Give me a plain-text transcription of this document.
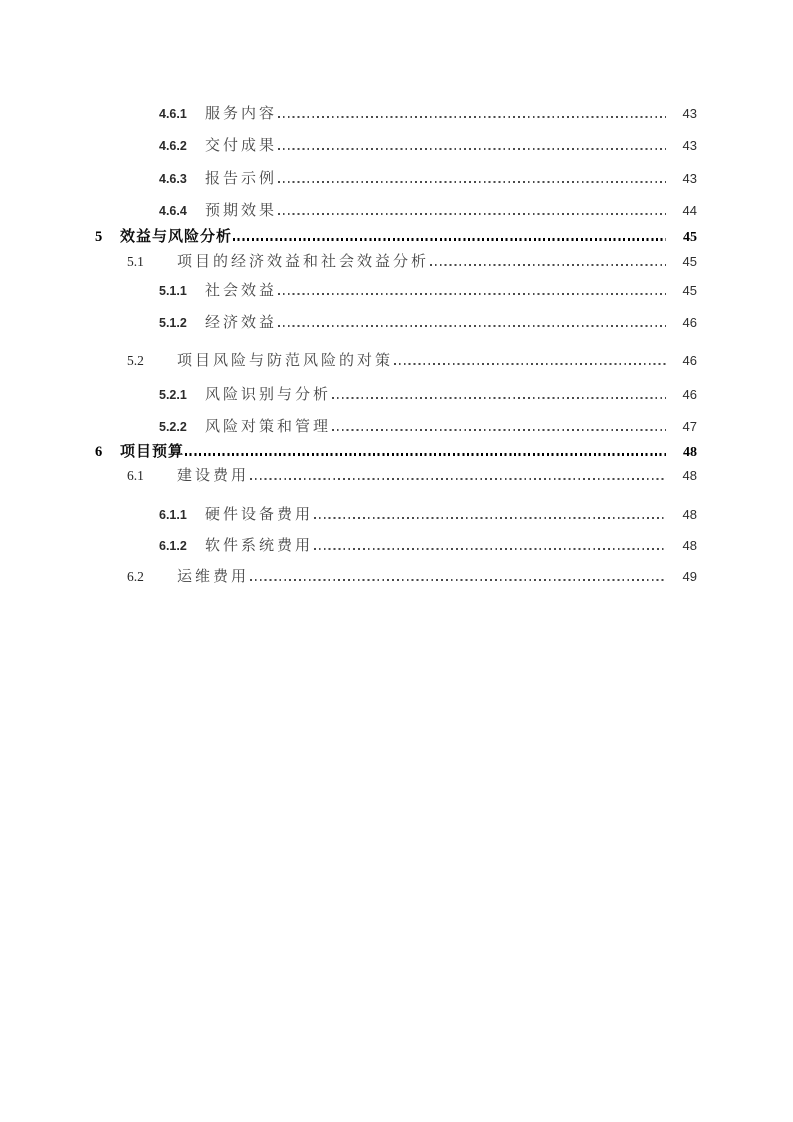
4.6.1	服务内容	43
4.6.2	交付成果	43
4.6.3	报告示例	43
4.6.4	预期效果	44
5	效益与风险分析	45
5.1	项目的经济效益和社会效益分析	45
5.1.1	社会效益	45
5.1.2	经济效益	46
5.2	项目风险与防范风险的对策	46
5.2.1	风险识别与分析	46
5.2.2	风险对策和管理	47
6	项目预算	48
6.1	建设费用	48
6.1.1	硬件设备费用	48
6.1.2	软件系统费用	48
6.2	运维费用	49
